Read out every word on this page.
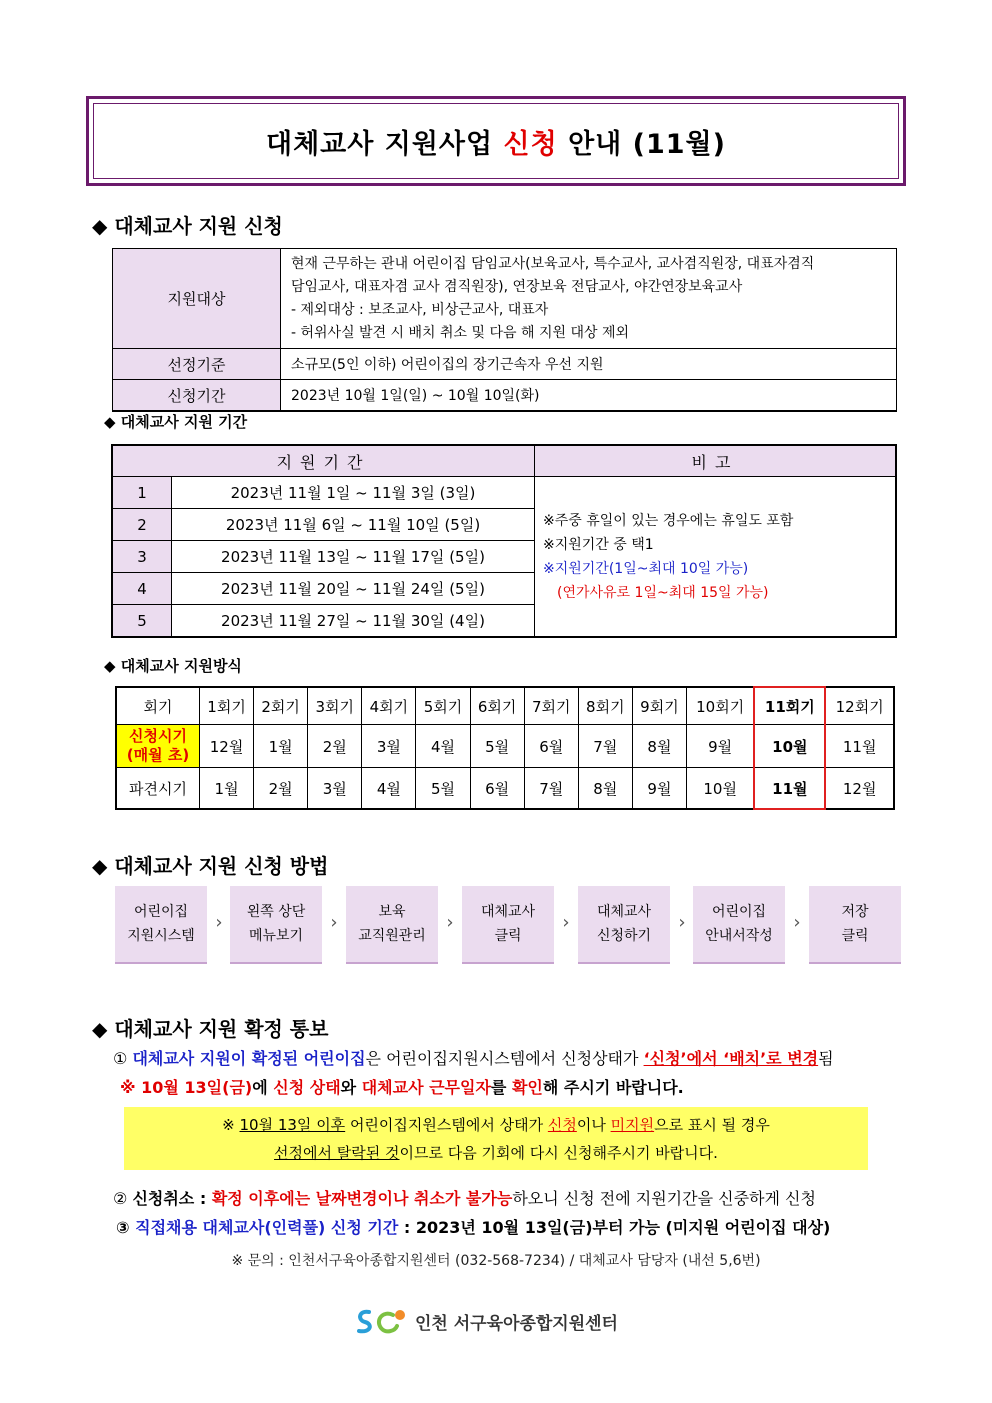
대체교사 지원사업
신청
안내 (11월)
◆ 대체교사 지원 신청
지원대상	현재 근무하는 관내 어린이집 담임교사(보육교사, 특수교사, 교사겸직원장, 대표자겸직
담임교사, 대표자겸 교사 겸직원장), 연장보육 전담교사, 야간연장보육교사
- 제외대상 : 보조교사, 비상근교사, 대표자
- 허위사실 발견 시 배치 취소 및 다음 해 지원 대상 제외

선정기준	소규모(5인 이하) 어린이집의 장기근속자 우선 지원
신청기간	2023년 10월 1일(일) ~ 10월 10일(화)
◆ 대체교사 지원 기간
지원기간		비고
1	2023년 11월 1일 ~ 11월 3일 (3일)	※주중 휴일이 있는 경우에는 휴일도 포함
※지원기간 중 택1
※지원기간(1일~최대 10일 가능)
(연가사유로 1일~최대 15일 가능)

2	2023년 11월 6일 ~ 11월 10일 (5일)	
3	2023년 11월 13일 ~ 11월 17일 (5일)	
4	2023년 11월 20일 ~ 11월 24일 (5일)	
5	2023년 11월 27일 ~ 11월 30일 (4일)	
◆ 대체교사 지원방식
회기	1회기	2회기	3회기	4회기	5회기	6회기	7회기	8회기	9회기	10회기	11회기	12회기

신청시기
(매월 초)	12월	1월	2월	3월	4월	5월	6월	7월	8월	9월	10월	11월
파견시기	1월	2월	3월	4월	5월	6월	7월	8월	9월	10월	11월	12월
◆ 대체교사 지원 신청 방법
어린이집
지원시스템
›	왼쪽 상단
메뉴보기
›	보육
교직원관리
›	대체교사
클릭
›	대체교사
신청하기
›	어린이집
안내서작성
›	저장
클릭
◆ 대체교사 지원 확정 통보
① 대체교사 지원이 확정된 어린이집은 어린이집지원시스템에서 신청상태가 ‘신청’에서 ‘배치’로 변경됨
※ 10월 13일(금)에 신청 상태와 대체교사 근무일자를 확인해 주시기 바랍니다.
※ 10월 13일 이후 어린이집지원스템에서 상태가 신청이나 미지원으로 표시 될 경우
선정에서 탈락된 것이므로 다음 기회에 다시 신청해주시기 바랍니다.
② 신청취소 : 확정 이후에는 날짜변경이나 취소가 불가능하오니 신청 전에 지원기간을 신중하게 신청
③ 직접채용 대체교사(인력풀) 신청 기간 : 2023년 10월 13일(금)부터 가능 (미지원 어린이집 대상)
※ 문의 : 인천서구육아종합지원센터 (032-568-7234) / 대체교사 담당자 (내선 5,6번)
인천 서구육아종합지원센터
